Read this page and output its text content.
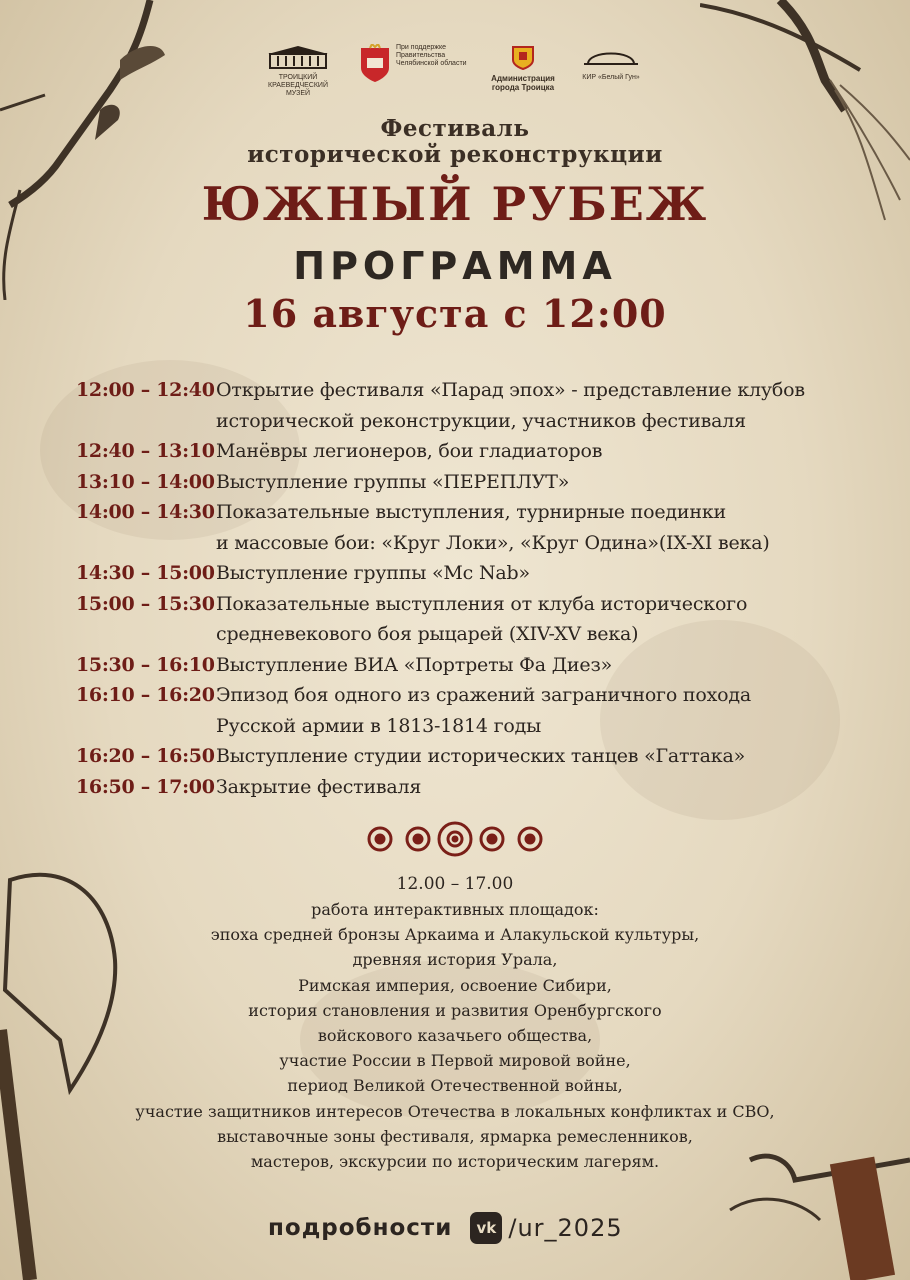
ТРОИЦКИЙ КРАЕВЕДЧЕСКИЙ МУЗЕЙ
При поддержке Правительства Челябинской области
Администрация города Троицка
КИР «Белый Гун»
Фестиваль
исторической реконструкции
ЮЖНЫЙ РУБЕЖ
ПРОГРАММА
16 августа с 12:00
12:00 – 12:40 Открытие фестиваля «Парад эпох» - представление клубов
исторической реконструкции, участников фестиваля
12:40 – 13:10 Манёвры легионеров, бои гладиаторов
13:10 – 14:00 Выступление группы «ПЕРЕПЛУТ»
14:00 – 14:30 Показательные выступления, турнирные поединки
и массовые бои: «Круг Локи», «Круг Одина»(IX-XI века)
14:30 – 15:00 Выступление группы «Mc Nab»
15:00 – 15:30 Показательные выступления от клуба исторического
средневекового боя рыцарей (XIV-XV века)
15:30 – 16:10 Выступление ВИА «Портреты Фа Диез»
16:10 – 16:20 Эпизод боя одного из сражений заграничного похода
Русской армии в 1813-1814 годы
16:20 – 16:50 Выступление студии исторических танцев «Гаттака»
16:50 – 17:00 Закрытие фестиваля
12.00 – 17.00
работа интерактивных площадок:
эпоха средней бронзы Аркаима и Алакульской культуры,
древняя история Урала,
Римская империя, освоение Сибири,
история становления и развития Оренбургского
войскового казачьего общества,
участие России в Первой мировой войне,
период Великой Отечественной войны,
участие защитников интересов Отечества в локальных конфликтах и СВО,
выставочные зоны фестиваля, ярмарка ремесленников,
мастеров, экскурсии по историческим лагерям.
подробности vk /ur_2025
